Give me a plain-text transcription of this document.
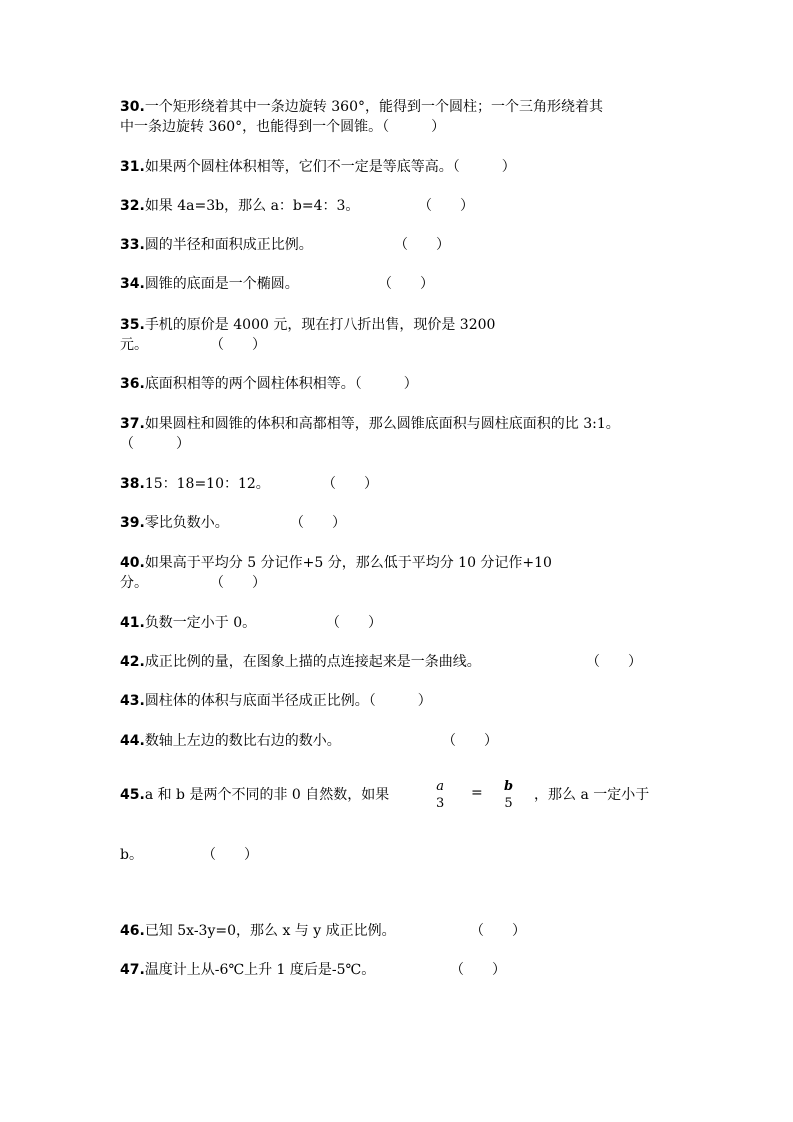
30.一个矩形绕着其中一条边旋转 360°，能得到一个圆柱；一个三角形绕着其
中一条边旋转 360°，也能得到一个圆锥。（　　　）
31.如果两个圆柱体积相等，它们不一定是等底等高。（　　　）
32.如果 4a=3b，那么 a：b=4：3。	（　　）
33.圆的半径和面积成正比例。	（　　）
34.圆锥的底面是一个椭圆。	（　　）
35.手机的原价是 4000 元，现在打八折出售，现价是 3200
元。	（　　）
36.底面积相等的两个圆柱体积相等。（　　　）
37.如果圆柱和圆锥的体积和高都相等，那么圆锥底面积与圆柱底面积的比 3:1。
（　　　）
38.15：18=10：12。	（　　）
39.零比负数小。	（　　）
40.如果高于平均分 5 分记作+5 分，那么低于平均分 10 分记作+10
分。	（　　）
41.负数一定小于 0。	（　　）
42.成正比例的量，在图象上描的点连接起来是一条曲线。	（　　）
43.圆柱体的体积与底面半径成正比例。（　　　）
44.数轴上左边的数比右边的数小。	（　　）
45.a 和 b 是两个不同的非 0 自然数，如果
a
3
= b
5
，那么 a 一定小于
b。	（　　）
46.已知 5x-3y=0，那么 x 与 y 成正比例。	（　　）
47.温度计上从-6℃上升 1 度后是-5℃。	（　　）
